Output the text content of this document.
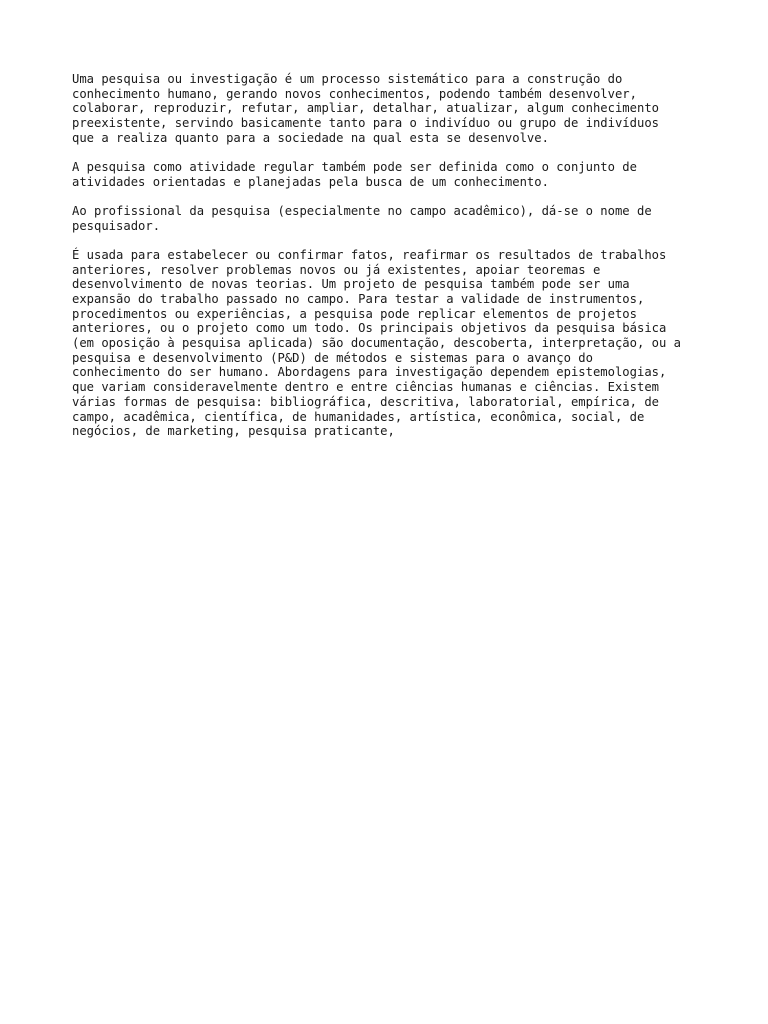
Uma pesquisa ou investigação é um processo sistemático para a construção do
conhecimento humano, gerando novos conhecimentos, podendo também desenvolver,
colaborar, reproduzir, refutar, ampliar, detalhar, atualizar, algum conhecimento
preexistente, servindo basicamente tanto para o indivíduo ou grupo de indivíduos
que a realiza quanto para a sociedade na qual esta se desenvolve.

A pesquisa como atividade regular também pode ser definida como o conjunto de
atividades orientadas e planejadas pela busca de um conhecimento.

Ao profissional da pesquisa (especialmente no campo acadêmico), dá-se o nome de
pesquisador.

É usada para estabelecer ou confirmar fatos, reafirmar os resultados de trabalhos
anteriores, resolver problemas novos ou já existentes, apoiar teoremas e
desenvolvimento de novas teorias. Um projeto de pesquisa também pode ser uma
expansão do trabalho passado no campo. Para testar a validade de instrumentos,
procedimentos ou experiências, a pesquisa pode replicar elementos de projetos
anteriores, ou o projeto como um todo. Os principais objetivos da pesquisa básica
(em oposição à pesquisa aplicada) são documentação, descoberta, interpretação, ou a
pesquisa e desenvolvimento (P&D) de métodos e sistemas para o avanço do
conhecimento do ser humano. Abordagens para investigação dependem epistemologias,
que variam consideravelmente dentro e entre ciências humanas e ciências. Existem
várias formas de pesquisa: bibliográfica, descritiva, laboratorial, empírica, de
campo, acadêmica, científica, de humanidades, artística, econômica, social, de
negócios, de marketing, pesquisa praticante,
